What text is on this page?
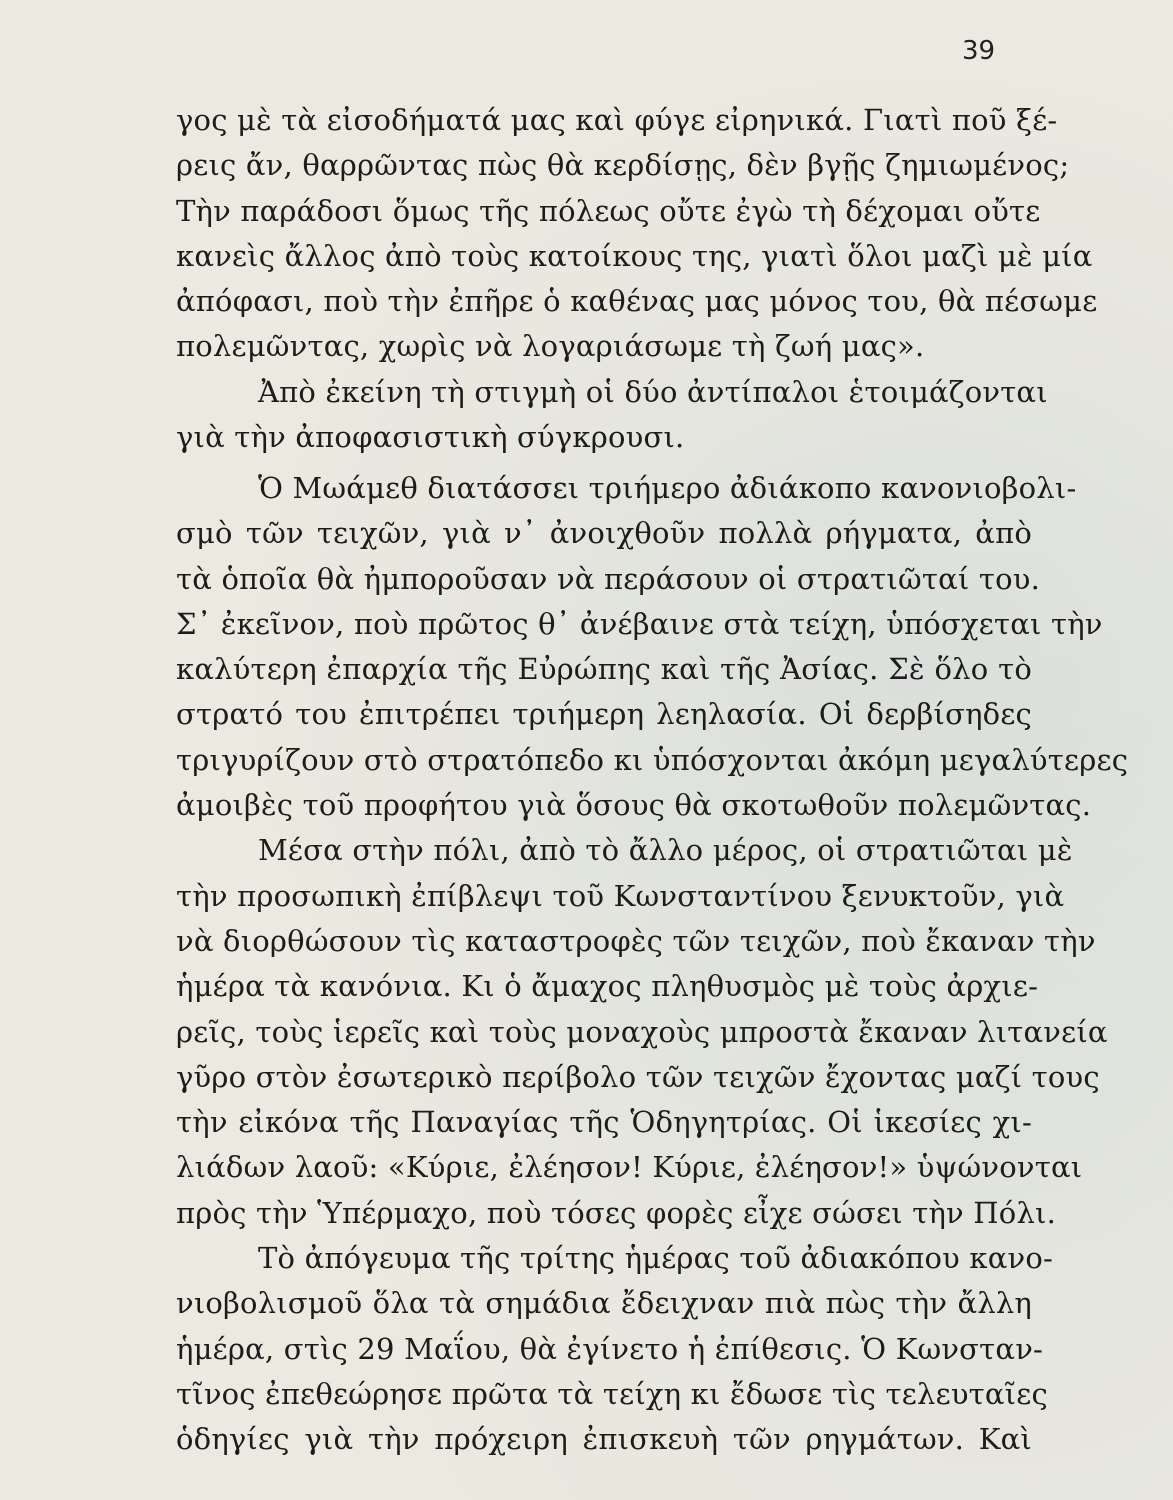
39
γος μὲ τὰ εἰσοδήματά μας καὶ φύγε εἰρηνικά. Γιατὶ ποῦ ξέ-
ρεις ἄν, θαρρῶντας πὼς θὰ κερδίσῃς, δὲν βγῇς ζημιωμένος;
Τὴν παράδοσι ὅμως τῆς πόλεως οὔτε ἐγὼ τὴ δέχομαι οὔτε
κανεὶς ἄλλος ἀπὸ τοὺς κατοίκους της, γιατὶ ὅλοι μαζὶ μὲ μία
ἀπόφασι, ποὺ τὴν ἐπῆρε ὁ καθένας μας μόνος του, θὰ πέσωμε
πολεμῶντας, χωρὶς νὰ λογαριάσωμε τὴ ζωή μας».
Ἀπὸ ἐκείνη τὴ στιγμὴ οἱ δύο ἀντίπαλοι ἑτοιμάζονται
γιὰ τὴν ἀποφασιστικὴ σύγκρουσι.
Ὁ Μωάμεθ διατάσσει τριήμερο ἀδιάκοπο κανονιοβολι-
σμὸ τῶν τειχῶν, γιὰ ν᾽ ἀνοιχθοῦν πολλὰ ρήγματα, ἀπὸ
τὰ ὁποῖα θὰ ἠμποροῦσαν νὰ περάσουν οἱ στρατιῶταί του.
Σ᾽ ἐκεῖνον, ποὺ πρῶτος θ᾽ ἀνέβαινε στὰ τείχη, ὑπόσχεται τὴν
καλύτερη ἐπαρχία τῆς Εὐρώπης καὶ τῆς Ἀσίας. Σὲ ὅλο τὸ
στρατό του ἐπιτρέπει τριήμερη λεηλασία. Οἱ δερβίσηδες
τριγυρίζουν στὸ στρατόπεδο κι ὑπόσχονται ἀκόμη μεγαλύτερες
ἀμοιβὲς τοῦ προφήτου γιὰ ὅσους θὰ σκοτωθοῦν πολεμῶντας.
Μέσα στὴν πόλι, ἀπὸ τὸ ἄλλο μέρος, οἱ στρατιῶται μὲ
τὴν προσωπικὴ ἐπίβλεψι τοῦ Κωνσταντίνου ξενυκτοῦν, γιὰ
νὰ διορθώσουν τὶς καταστροφὲς τῶν τειχῶν, ποὺ ἔκαναν τὴν
ἡμέρα τὰ κανόνια. Κι ὁ ἄμαχος πληθυσμὸς μὲ τοὺς ἀρχιε-
ρεῖς, τοὺς ἱερεῖς καὶ τοὺς μοναχοὺς μπροστὰ ἔκαναν λιτανεία
γῦρο στὸν ἐσωτερικὸ περίβολο τῶν τειχῶν ἔχοντας μαζί τους
τὴν εἰκόνα τῆς Παναγίας τῆς Ὁδηγητρίας. Οἱ ἱκεσίες χι-
λιάδων λαοῦ: «Κύριε, ἐλέησον! Κύριε, ἐλέησον!» ὑψώνονται
πρὸς τὴν Ὑπέρμαχο, ποὺ τόσες φορὲς εἶχε σώσει τὴν Πόλι.
Τὸ ἀπόγευμα τῆς τρίτης ἡμέρας τοῦ ἀδιακόπου κανο-
νιοβολισμοῦ ὅλα τὰ σημάδια ἔδειχναν πιὰ πὼς τὴν ἄλλη
ἡμέρα, στὶς 29 Μαΐου, θὰ ἐγίνετο ἡ ἐπίθεσις. Ὁ Κωνσταν-
τῖνος ἐπεθεώρησε πρῶτα τὰ τείχη κι ἔδωσε τὶς τελευταῖες
ὁδηγίες γιὰ τὴν πρόχειρη ἐπισκευὴ τῶν ρηγμάτων. Καὶ
